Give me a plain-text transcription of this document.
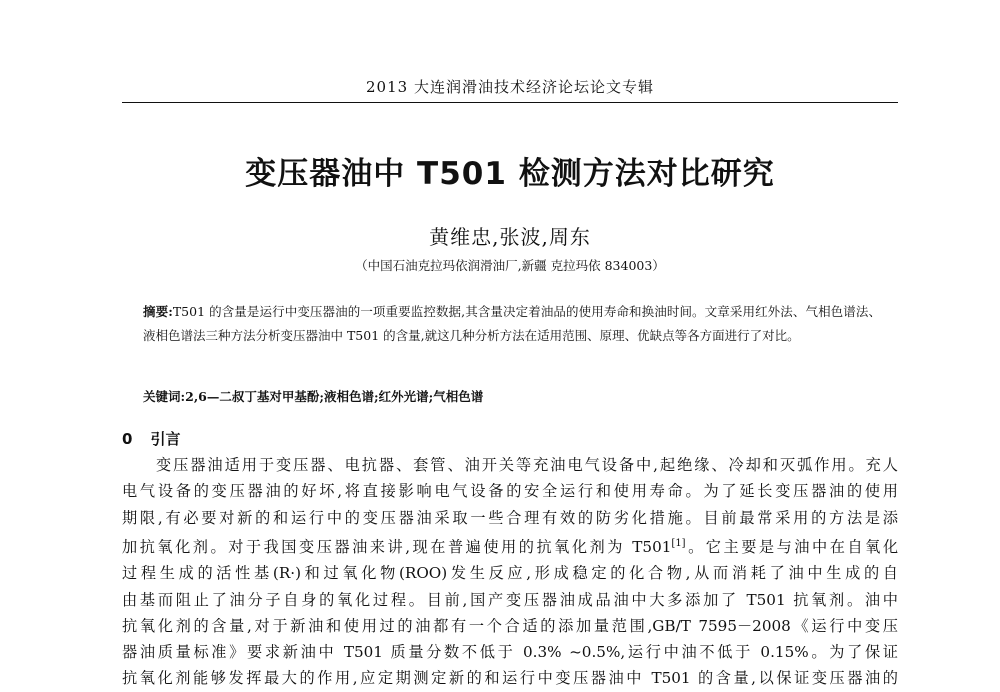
2013 大连润滑油技术经济论坛论文专辑
变压器油中 T501 检测方法对比研究
黄维忠,张波,周东
（中国石油克拉玛依润滑油厂,新疆 克拉玛依 834003）
摘要:T501 的含量是运行中变压器油的一项重要监控数据,其含量决定着油品的使用寿命和换油时间。文章采用红外法、气相色谱法、液相色谱法三种方法分析变压器油中 T501 的含量,就这几种分析方法在适用范围、原理、优缺点等各方面进行了对比。
关键词:2,6—二叔丁基对甲基酚;液相色谱;红外光谱;气相色谱
0 引言
变压器油适用于变压器、电抗器、套管、油开关等充油电气设备中,起绝缘、冷却和灭弧作用。充人
电气设备的变压器油的好坏,将直接影响电气设备的安全运行和使用寿命。为了延长变压器油的使用
期限,有必要对新的和运行中的变压器油采取一些合理有效的防劣化措施。目前最常采用的方法是添
加抗氧化剂。对于我国变压器油来讲,现在普遍使用的抗氧化剂为 T501[1]。它主要是与油中在自氧化
过程生成的活性基(R·)和过氧化物(ROO)发生反应,形成稳定的化合物,从而消耗了油中生成的自
由基而阻止了油分子自身的氧化过程。目前,国产变压器油成品油中大多添加了 T501 抗氧剂。油中
抗氧化剂的含量,对于新油和使用过的油都有一个合适的添加量范围,GB/T 7595－2008《运行中变压
器油质量标准》要求新油中 T501 质量分数不低于 0.3% ~0.5%,运行中油不低于 0.15%。为了保证
抗氧化剂能够发挥最大的作用,应定期测定新的和运行中变压器油中 T501 的含量,以保证变压器油的
